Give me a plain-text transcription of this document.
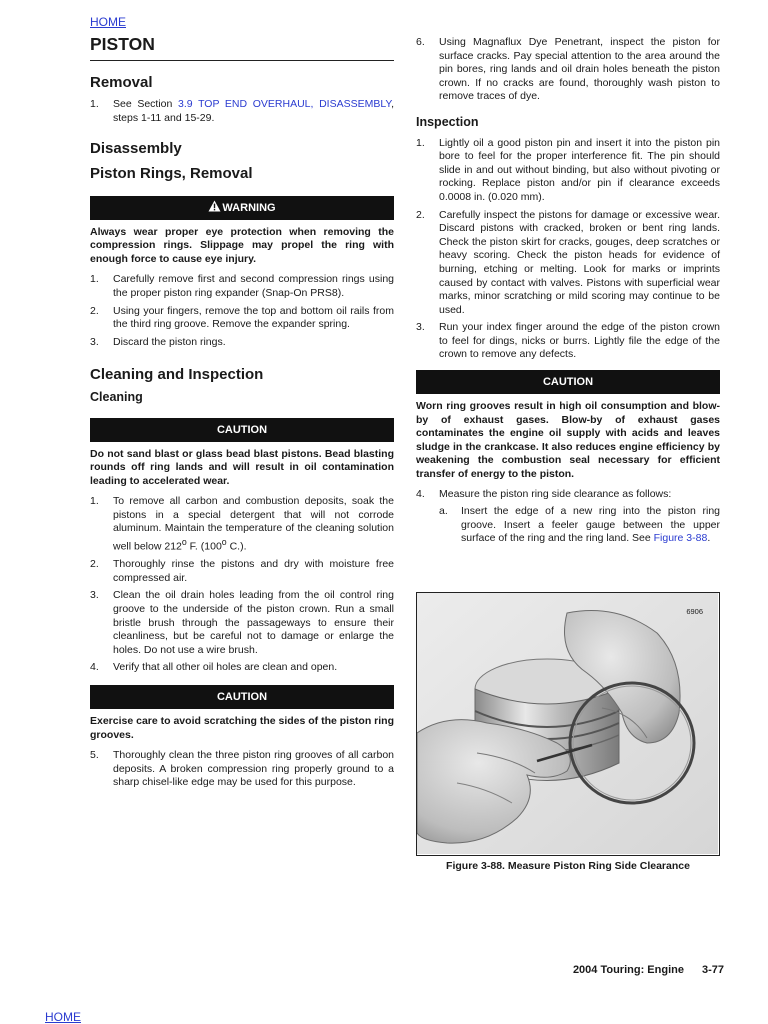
HOME
PISTON
Removal
1. See Section 3.9 TOP END OVERHAUL, DISASSEMBLY, steps 1-11 and 15-29.
Disassembly
Piston Rings, Removal
WARNING

Always wear proper eye protection when removing the compression rings. Slippage may propel the ring with enough force to cause eye injury.

1. Carefully remove first and second compression rings using the proper piston ring expander (Snap-On PRS8).
2. Using your fingers, remove the top and bottom oil rails from the third ring groove. Remove the expander spring.
3. Discard the piston rings.
Cleaning and Inspection
Cleaning
CAUTION

Do not sand blast or glass bead blast pistons. Bead blasting rounds off ring lands and will result in oil contamination leading to accelerated wear.

1. To remove all carbon and combustion deposits, soak the pistons in a special detergent that will not corrode aluminum. Maintain the temperature of the cleaning solution well below 212$^o$ F. (100$^o$ C.).
2. Thoroughly rinse the pistons and dry with moisture free compressed air.
3. Clean the oil drain holes leading from the oil control ring groove to the underside of the piston crown. Run a small bristle brush through the passageways to ensure their cleanliness, but be careful not to damage or enlarge the holes. Do not use a wire brush.
4. Verify that all other oil holes are clean and open.
CAUTION

Exercise care to avoid scratching the sides of the piston ring grooves.

5. Thoroughly clean the three piston ring grooves of all carbon deposits. A broken compression ring properly ground to a sharp chisel-like edge may be used for this purpose.
6. Using Magnaflux Dye Penetrant, inspect the piston for surface cracks. Pay special attention to the area around the pin bores, ring lands and oil drain holes beneath the piston crown. If no cracks are found, thoroughly wash piston to remove traces of dye.
Inspection
1. Lightly oil a good piston pin and insert it into the piston pin bore to feel for the proper interference fit. The pin should slide in and out without binding, but also without pivoting or rocking. Replace piston and/or pin if clearance exceeds 0.0008 in. (0.020 mm).
2. Carefully inspect the pistons for damage or excessive wear. Discard pistons with cracked, broken or bent ring lands. Check the piston skirt for cracks, gouges, deep scratches or heavy scoring. Check the piston heads for evidence of burning, etching or melting. Look for marks or imprints caused by contact with valves. Pistons with superficial wear marks, minor scratching or mild scoring may continue to be used.
3. Run your index finger around the edge of the piston crown to feel for dings, nicks or burrs. Lightly file the edge of the crown to remove any defects.
CAUTION

Worn ring grooves result in high oil consumption and blow-by of exhaust gases. Blow-by of exhaust gases contaminates the engine oil supply with acids and leaves sludge in the crankcase. It also reduces engine efficiency by weakening the combustion seal necessary for efficient transfer of energy to the piston.

4. Measure the piston ring side clearance as follows:
a. Insert the edge of a new ring into the piston ring groove. Insert a feeler gauge between the upper surface of the ring and the ring land. See Figure 3-88.
6906
Figure 3-88. Measure Piston Ring Side Clearance
2004 Touring: Engine 3-77
HOME
